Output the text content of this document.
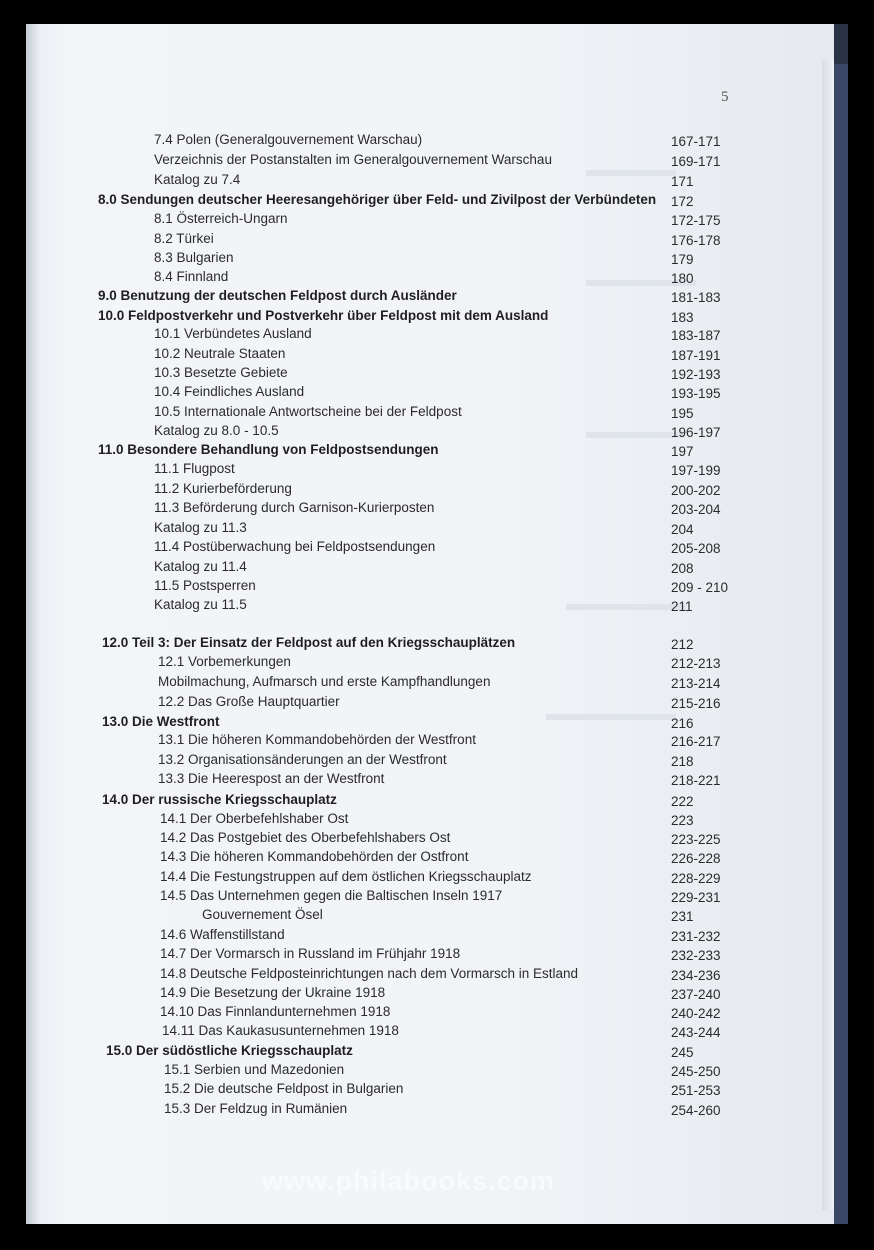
5
7.4 Polen (Generalgouvernement Warschau)	167-171
Verzeichnis der Postanstalten im Generalgouvernement Warschau	169-171
Katalog zu 7.4	171
8.0 Sendungen deutscher Heeresangehöriger über Feld- und Zivilpost der Verbündeten 172
8.1 Österreich-Ungarn	172-175
8.2 Türkei	176-178
8.3 Bulgarien	179
8.4 Finnland	180
9.0 Benutzung der deutschen Feldpost durch Ausländer	181-183
10.0 Feldpostverkehr und Postverkehr über Feldpost mit dem Ausland	183
10.1 Verbündetes Ausland	183-187
10.2 Neutrale Staaten	187-191
10.3 Besetzte Gebiete	192-193
10.4 Feindliches Ausland	193-195
10.5 Internationale Antwortscheine bei der Feldpost	195
Katalog zu 8.0 - 10.5	196-197
11.0 Besondere Behandlung von Feldpostsendungen	197
11.1 Flugpost	197-199
11.2 Kurierbeförderung	200-202
11.3 Beförderung durch Garnison-Kurierposten	203-204
Katalog zu 11.3	204
11.4 Postüberwachung bei Feldpostsendungen	205-208
Katalog zu 11.4	208
11.5 Postsperren	209 - 210
Katalog zu 11.5	211
12.0 Teil 3: Der Einsatz der Feldpost auf den Kriegsschauplätzen	212
12.1 Vorbemerkungen	212-213
Mobilmachung, Aufmarsch und erste Kampfhandlungen	213-214
12.2 Das Große Hauptquartier	215-216
13.0 Die Westfront	216
13.1 Die höheren Kommandobehörden der Westfront	216-217
13.2 Organisationsänderungen an der Westfront	218
13.3 Die Heerespost an der Westfront	218-221
14.0 Der russische Kriegsschauplatz	222
14.1 Der Oberbefehlshaber Ost	223
14.2 Das Postgebiet des Oberbefehlshabers Ost	223-225
14.3 Die höheren Kommandobehörden der Ostfront	226-228
14.4 Die Festungstruppen auf dem östlichen Kriegsschauplatz	228-229
14.5 Das Unternehmen gegen die Baltischen Inseln 1917	229-231
Gouvernement Ösel	231
14.6 Waffenstillstand	231-232
14.7 Der Vormarsch in Russland im Frühjahr 1918	232-233
14.8 Deutsche Feldposteinrichtungen nach dem Vormarsch in Estland	234-236
14.9 Die Besetzung der Ukraine 1918	237-240
14.10 Das Finnlandunternehmen 1918	240-242
14.11 Das Kaukasusunternehmen 1918	243-244
15.0 Der südöstliche Kriegsschauplatz	245
15.1 Serbien und Mazedonien	245-250
15.2 Die deutsche Feldpost in Bulgarien	251-253
15.3 Der Feldzug in Rumänien	254-260
www.philabooks.com
